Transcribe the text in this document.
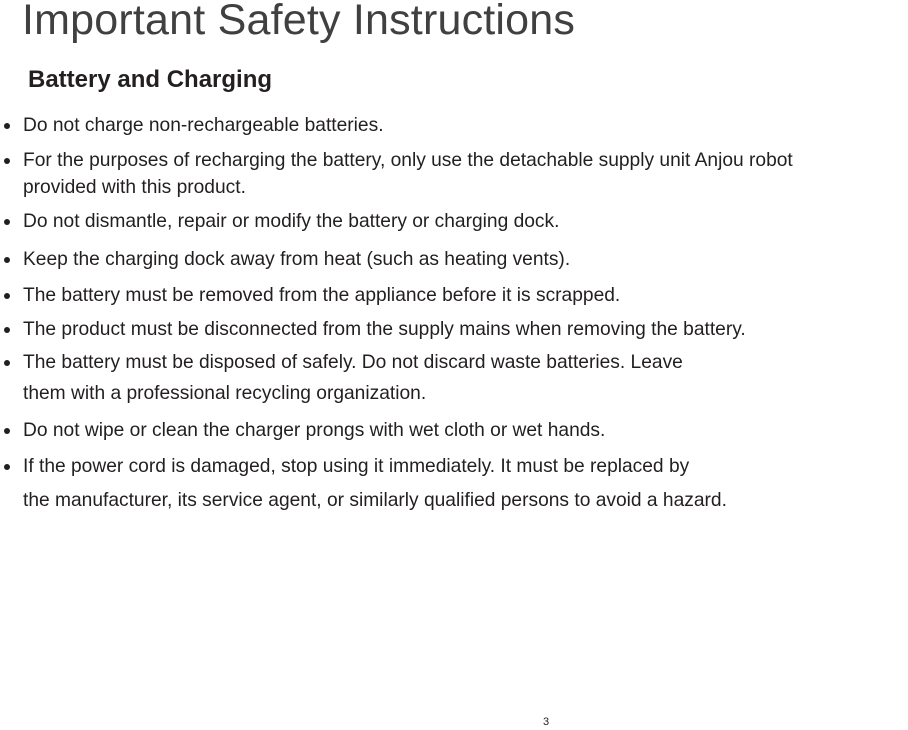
Important Safety Instructions
Battery and Charging
Do not charge non-rechargeable batteries.
For the purposes of recharging the battery, only use the detachable supply unit Anjou robot
provided with this product.
Do not dismantle, repair or modify the battery or charging dock.
Keep the charging dock away from heat (such as heating vents).
The battery must be removed from the appliance before it is scrapped.
The product must be disconnected from the supply mains when removing the battery.
The battery must be disposed of safely. Do not discard waste batteries. Leave
them with a professional recycling organization.
Do not wipe or clean the charger prongs with wet cloth or wet hands.
If the power cord is damaged, stop using it immediately. It must be replaced by
the manufacturer, its service agent, or similarly qualified persons to avoid a hazard.
3
